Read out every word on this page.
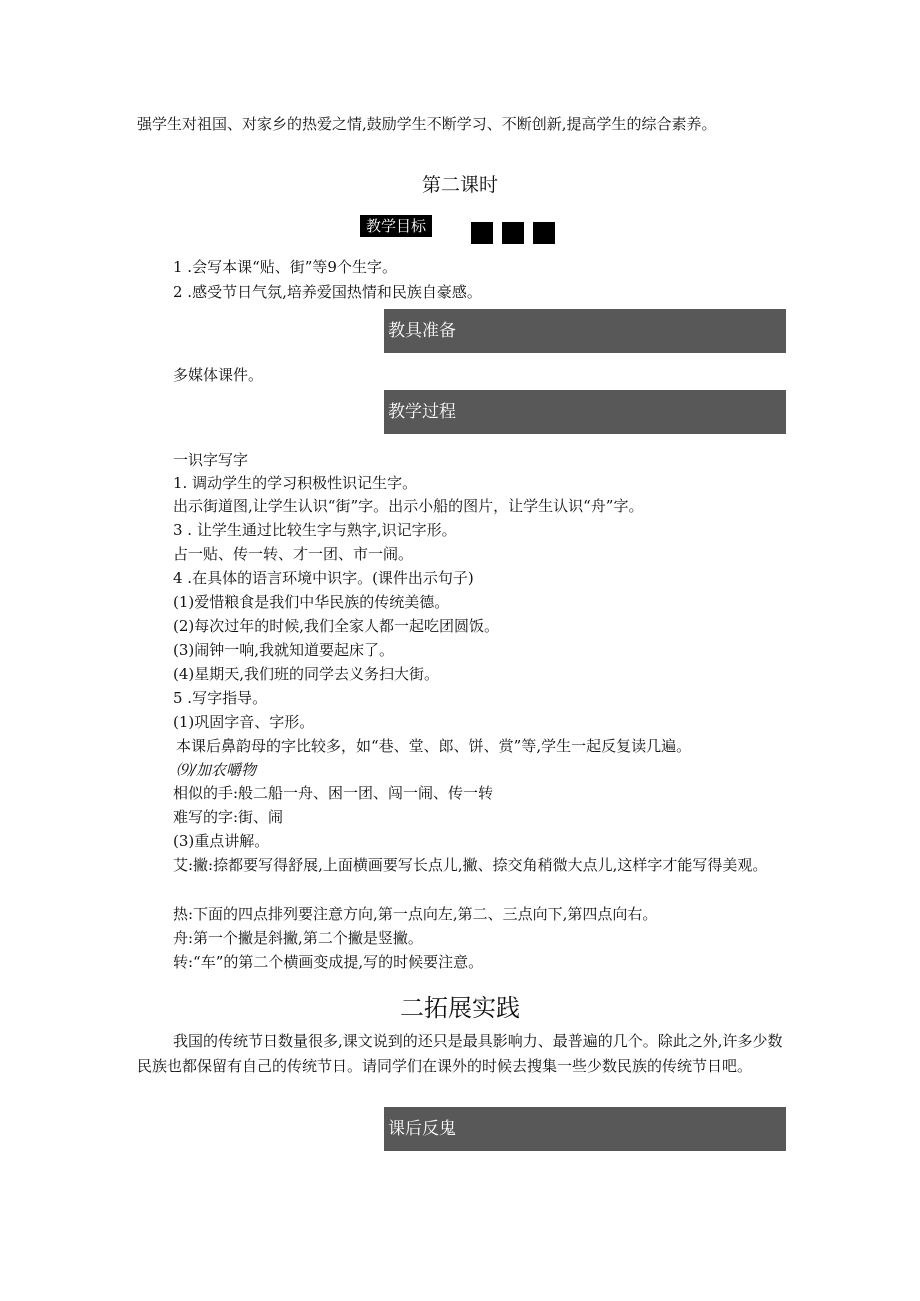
强学生对祖国、对家乡的热爱之情,鼓励学生不断学习、不断创新,提高学生的综合素养。
第二课时
教学目标
1 .会写本课“贴、街”等9个生字。
2 .感受节日气氛,培养爱国热情和民族自豪感。
教具准备
多媒体课件。
教学过程
一识字写字
1. 调动学生的学习积极性识记生字。
出示街道图,让学生认识“街”字。出示小船的图片，让学生认识“舟”字。
3 . 让学生通过比较生字与熟字,识记字形。
占一贴、传一转、才一团、市一闹。
4 .在具体的语言环境中识字。(课件出示句子)
(1)爱惜粮食是我们中华民族的传统美德。
(2)每次过年的时候,我们全家人都一起吃团圆饭。
(3)闹钟一响,我就知道要起床了。
(4)星期天,我们班的同学去义务扫大街。
5 .写字指导。
(1)巩固字音、字形。
本课后鼻韵母的字比较多，如“巷、堂、郎、饼、赏”等,学生一起反复读几遍。
⑼/加农嚼物
相似的手:般二船一舟、困一团、闯一闹、传一转
难写的字:街、闹
(3)重点讲解。
艾:撇:捺都要写得舒展,上面横画要写长点儿,撇、捺交角稍微大点儿,这样字才能写得美观。
热:下面的四点排列要注意方向,第一点向左,第二、三点向下,第四点向右。
舟:第一个撇是斜撇,第二个撇是竖撇。
转:“车”的第二个横画变成提,写的时候要注意。
二拓展实践
我国的传统节日数量很多,课文说到的还只是最具影响力、最普遍的几个。除此之外,许多少数民族也都保留有自己的传统节日。请同学们在课外的时候去搜集一些少数民族的传统节日吧。
课后反鬼
